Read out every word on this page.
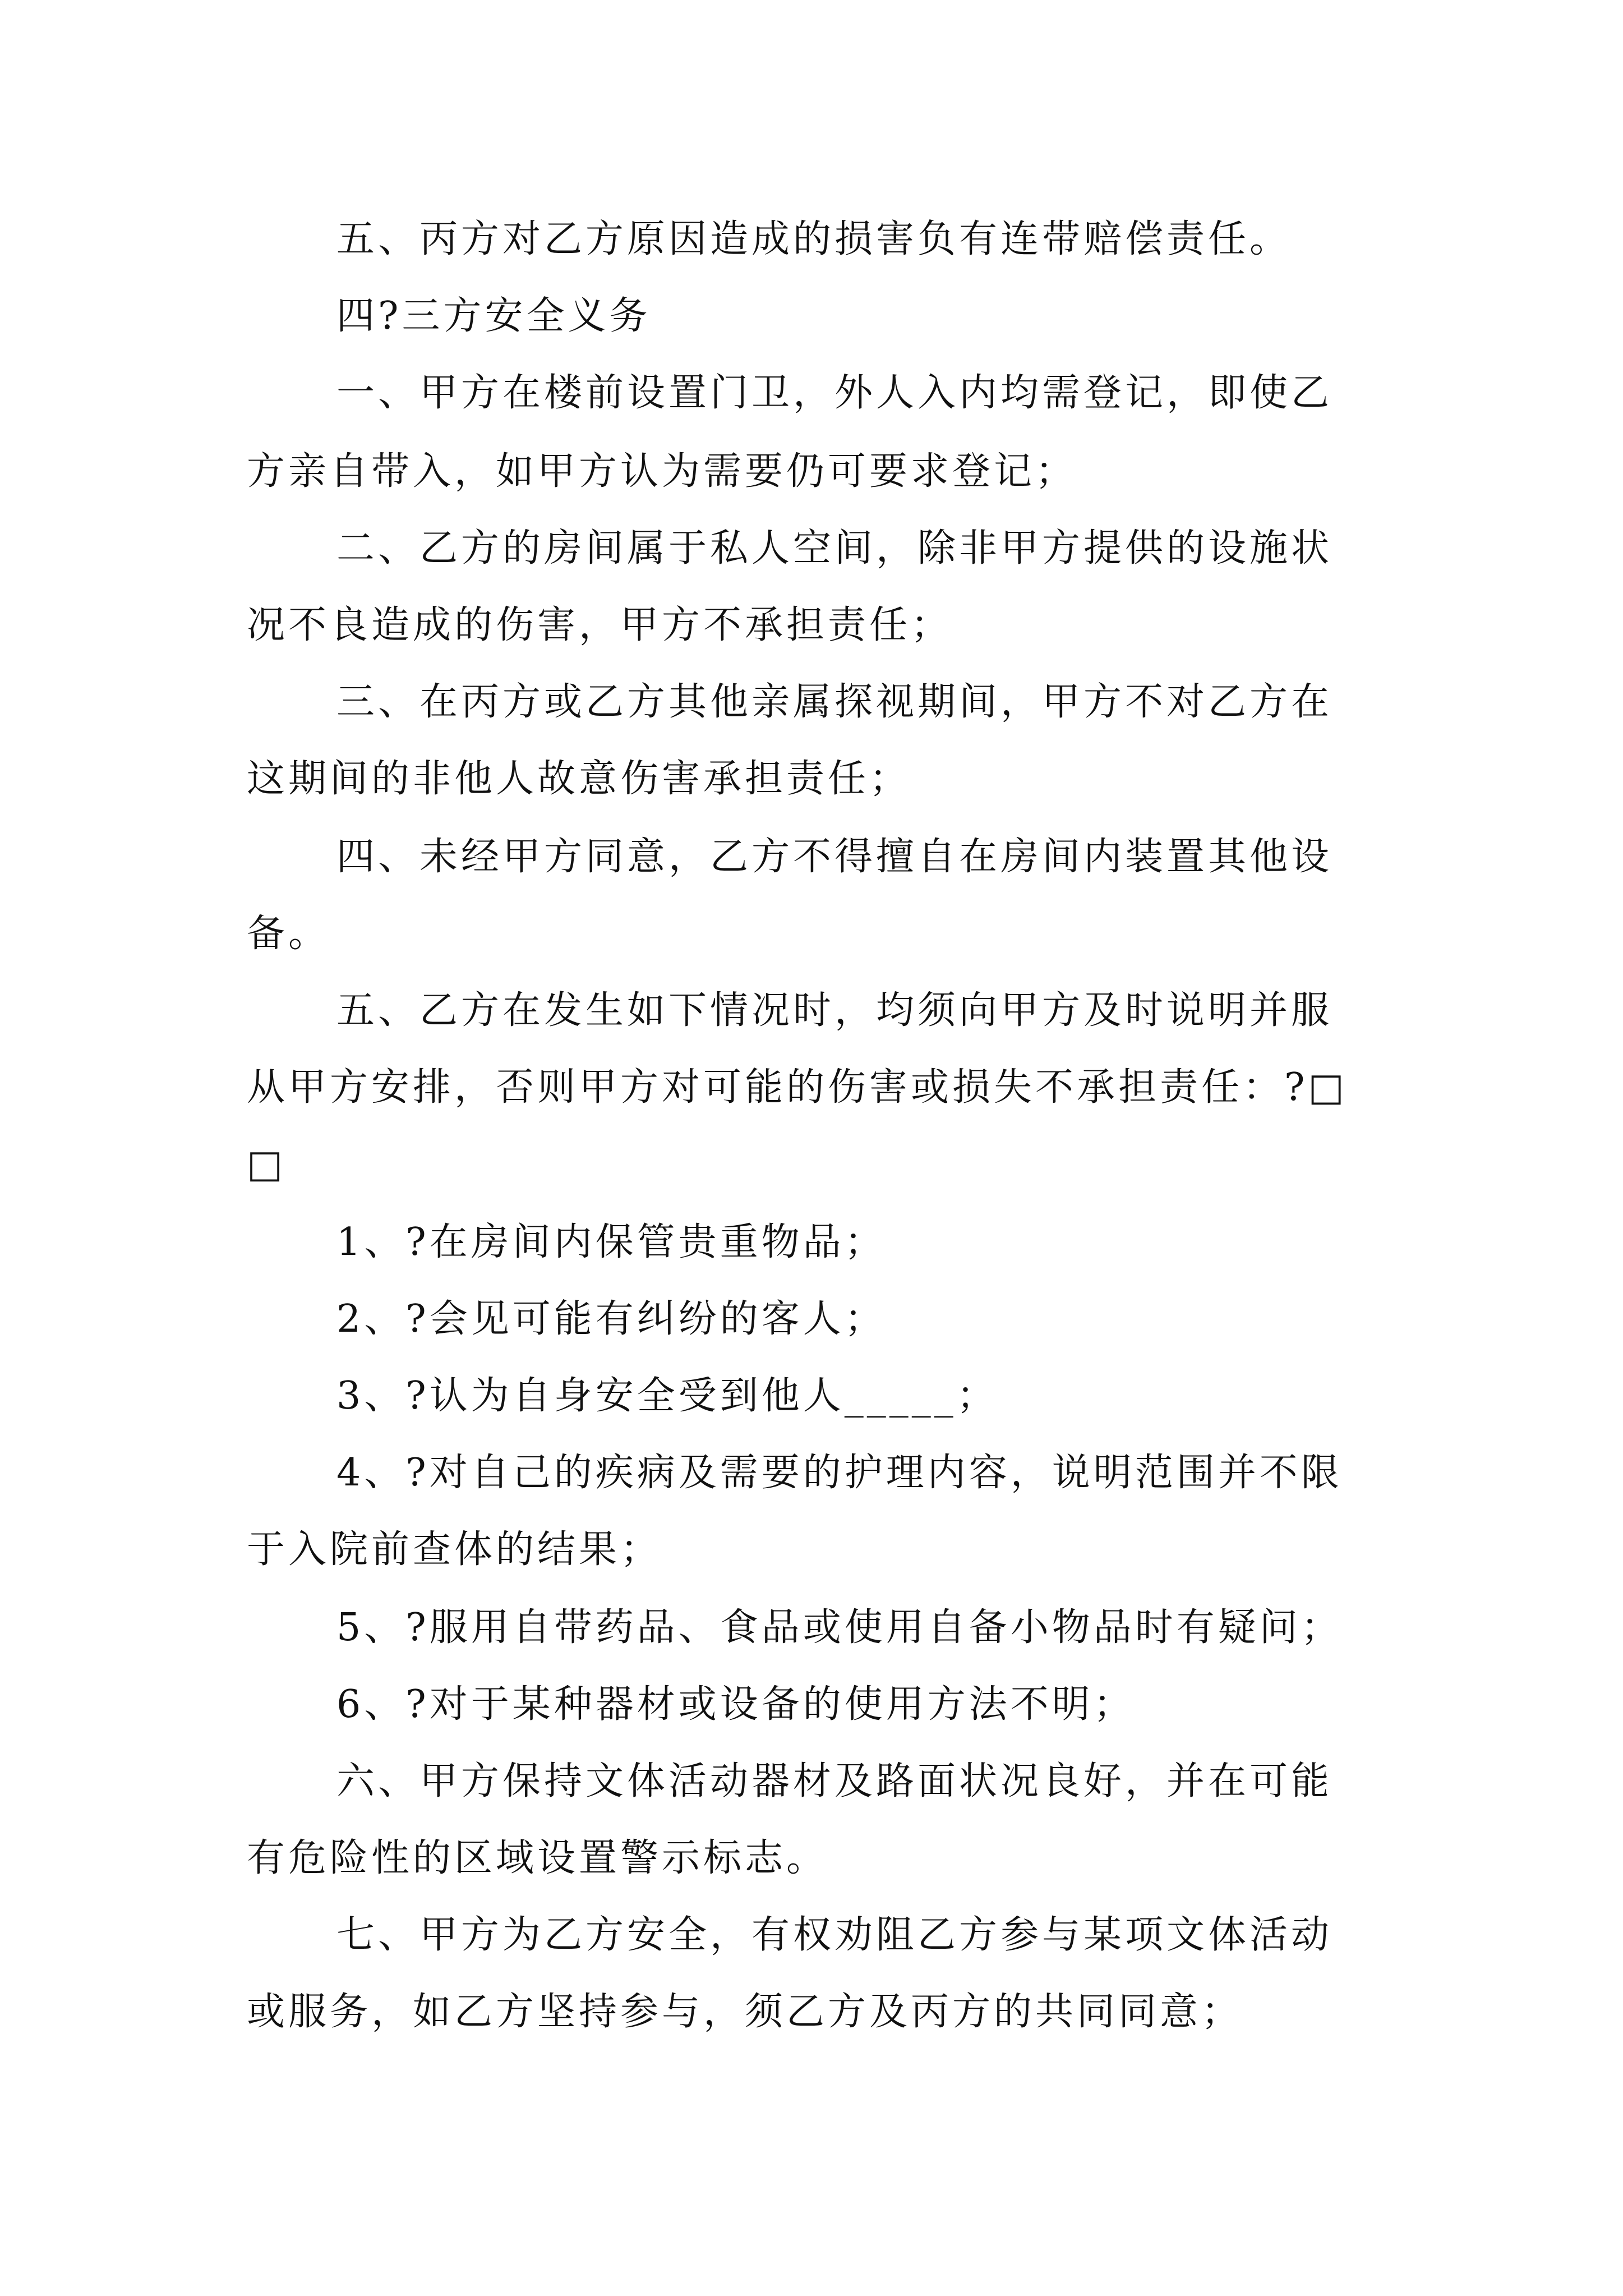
五、丙方对乙方原因造成的损害负有连带赔偿责任。

四?三方安全义务

一、甲方在楼前设置门卫，外人入内均需登记，即使乙

方亲自带入，如甲方认为需要仍可要求登记；

二、乙方的房间属于私人空间，除非甲方提供的设施状

况不良造成的伤害，甲方不承担责任；

三、在丙方或乙方其他亲属探视期间，甲方不对乙方在

这期间的非他人故意伤害承担责任；

四、未经甲方同意，乙方不得擅自在房间内装置其他设

备。

五、乙方在发生如下情况时，均须向甲方及时说明并服

从甲方安排，否则甲方对可能的伤害或损失不承担责任：?□

□

1、?在房间内保管贵重物品；

2、?会见可能有纠纷的客人；

3、?认为自身安全受到他人_____；

4、?对自己的疾病及需要的护理内容，说明范围并不限

于入院前查体的结果；

5、?服用自带药品、食品或使用自备小物品时有疑问；

6、?对于某种器材或设备的使用方法不明；

六、甲方保持文体活动器材及路面状况良好，并在可能

有危险性的区域设置警示标志。

七、甲方为乙方安全，有权劝阻乙方参与某项文体活动

或服务，如乙方坚持参与，须乙方及丙方的共同同意；
